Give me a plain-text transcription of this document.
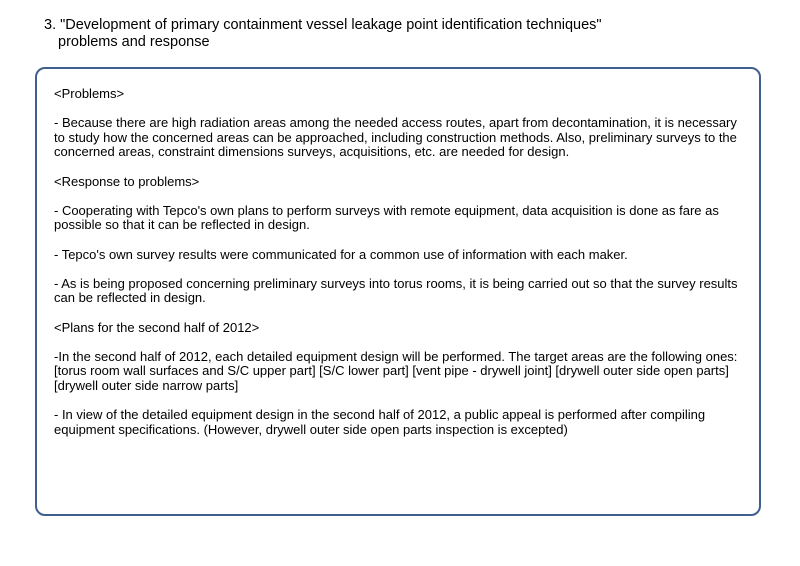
3. "Development of primary containment vessel leakage point identification techniques"
problems and response
<Problems>
- Because there are high radiation areas among the needed access routes, apart from decontamination, it is necessary to study how the concerned areas can be approached, including construction methods. Also, preliminary surveys to the concerned areas, constraint dimensions surveys, acquisitions, etc. are needed for design.
<Response to problems>
- Cooperating with Tepco's own plans to perform surveys with remote equipment, data acquisition is done as fare as possible so that it can be reflected in design.
- Tepco's own survey results were communicated for a common use of information with each maker.
- As is being proposed concerning preliminary surveys into torus rooms, it is being carried out so that the survey results can be reflected in design.
<Plans for the second half of 2012>
-In the second half of 2012, each detailed equipment design will be performed. The target areas are the following ones: [torus room wall surfaces and S/C upper part] [S/C lower part] [vent pipe - drywell joint] [drywell outer side open parts] [drywell outer side narrow parts]
- In view of the detailed equipment design in the second half of 2012, a public appeal is performed after compiling equipment specifications. (However, drywell outer side open parts inspection is excepted)
